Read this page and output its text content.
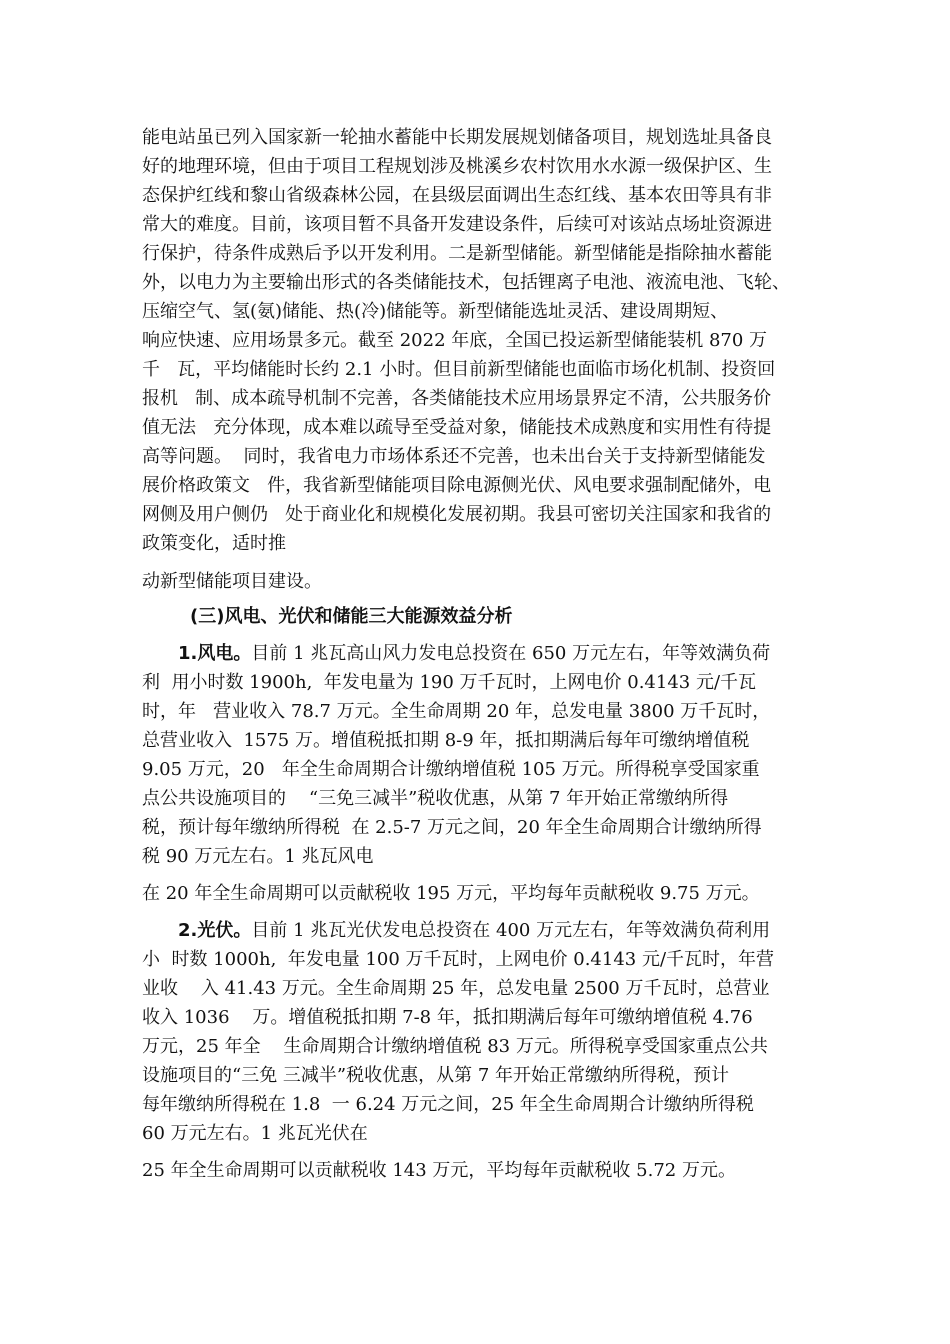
能电站虽已列入国家新一轮抽水蓄能中长期发展规划储备项目，规划选址具备良
好的地理环境，但由于项目工程规划涉及桃溪乡农村饮用水水源一级保护区、生
态保护红线和黎山省级森林公园，在县级层面调出生态红线、基本农田等具有非
常大的难度。目前，该项目暂不具备开发建设条件，后续可对该站点场址资源进
行保护，待条件成熟后予以开发利用。二是新型储能。新型储能是指除抽水蓄能
外，以电力为主要输出形式的各类储能技术，包括锂离子电池、液流电池、飞轮、
压缩空气、氢(氨)储能、热(冷)储能等。新型储能选址灵活、建设周期短、
响应快速、应用场景多元。截至 2022 年底，全国已投运新型储能装机 870 万
千   瓦，平均储能时长约 2.1 小时。但目前新型储能也面临市场化机制、投资回
报机   制、成本疏导机制不完善，各类储能技术应用场景界定不清，公共服务价
值无法   充分体现，成本难以疏导至受益对象，储能技术成熟度和实用性有待提
高等问题。  同时，我省电力市场体系还不完善，也未出台关于支持新型储能发
展价格政策文   件，我省新型储能项目除电源侧光伏、风电要求强制配储外，电
网侧及用户侧仍   处于商业化和规模化发展初期。我县可密切关注国家和我省的
政策变化，适时推
动新型储能项目建设。
(三)风电、光伏和储能三大能源效益分析
1.风电。目前 1 兆瓦高山风力发电总投资在 650 万元左右，年等效满负荷
利  用小时数 1900h,  年发电量为 190 万千瓦时，上网电价 0.4143 元/千瓦
时，年   营业收入 78.7 万元。全生命周期 20 年，总发电量 3800 万千瓦时，
总营业收入  1575 万。增值税抵扣期 8-9 年，抵扣期满后每年可缴纳增值税
9.05 万元，20   年全生命周期合计缴纳增值税 105 万元。所得税享受国家重
点公共设施项目的    “三免三减半”税收优惠，从第 7 年开始正常缴纳所得
税，预计每年缴纳所得税  在 2.5-7 万元之间，20 年全生命周期合计缴纳所得
税 90 万元左右。1 兆瓦风电
在 20 年全生命周期可以贡献税收 195 万元，平均每年贡献税收 9.75 万元。
2.光伏。目前 1 兆瓦光伏发电总投资在 400 万元左右，年等效满负荷利用
小  时数 1000h,  年发电量 100 万千瓦时，上网电价 0.4143 元/千瓦时，年营
业收    入 41.43 万元。全生命周期 25 年，总发电量 2500 万千瓦时，总营业
收入 1036    万。增值税抵扣期 7-8 年，抵扣期满后每年可缴纳增值税 4.76
万元，25 年全    生命周期合计缴纳增值税 83 万元。所得税享受国家重点公共
设施项目的“三免 三减半”税收优惠，从第 7 年开始正常缴纳所得税，预计
每年缴纳所得税在 1.8  一 6.24 万元之间，25 年全生命周期合计缴纳所得税
60 万元左右。1 兆瓦光伏在
25 年全生命周期可以贡献税收 143 万元，平均每年贡献税收 5.72 万元。
